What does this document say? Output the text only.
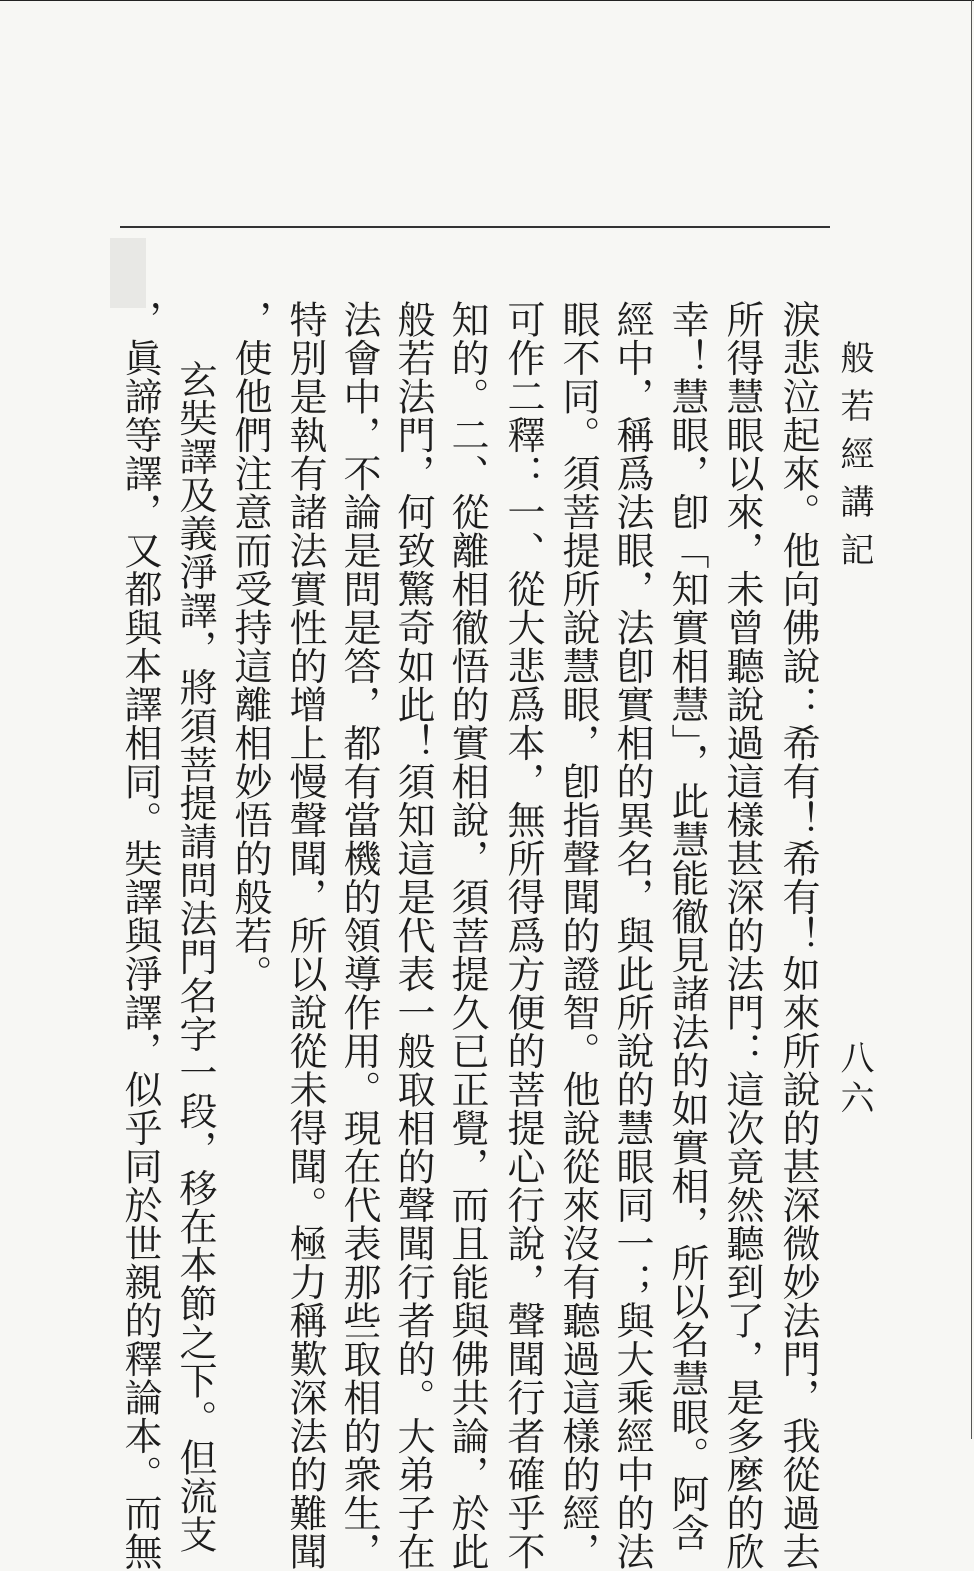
般若經講記
八六
淚悲泣起來。他向佛說：希有！希有！如來所說的甚深微妙法門，我從過去
所得慧眼以來，未曾聽說過這樣甚深的法門：這次竟然聽到了，是多麼的欣
幸！慧眼，卽「知實相慧」，此慧能徹見諸法的如實相，所以名慧眼。阿含
經中，稱爲法眼，法卽實相的異名，與此所說的慧眼同一；與大乘經中的法
眼不同。須菩提所說慧眼，卽指聲聞的證智。他說從來沒有聽過這樣的經，
可作二釋：一、從大悲爲本，無所得爲方便的菩提心行說，聲聞行者確乎不
知的。二、從離相徹悟的實相說，須菩提久已正覺，而且能與佛共論，於此
般若法門，何致驚奇如此！須知這是代表一般取相的聲聞行者的。大弟子在
法會中，不論是問是答，都有當機的領導作用。現在代表那些取相的衆生，
特別是執有諸法實性的增上慢聲聞，所以說從未得聞。極力稱歎深法的難聞
，使他們注意而受持這離相妙悟的般若。
玄奘譯及義淨譯，將須菩提請問法門名字一段，移在本節之下。但流支
，眞諦等譯，又都與本譯相同。奘譯與淨譯，似乎同於世親的釋論本。而無
